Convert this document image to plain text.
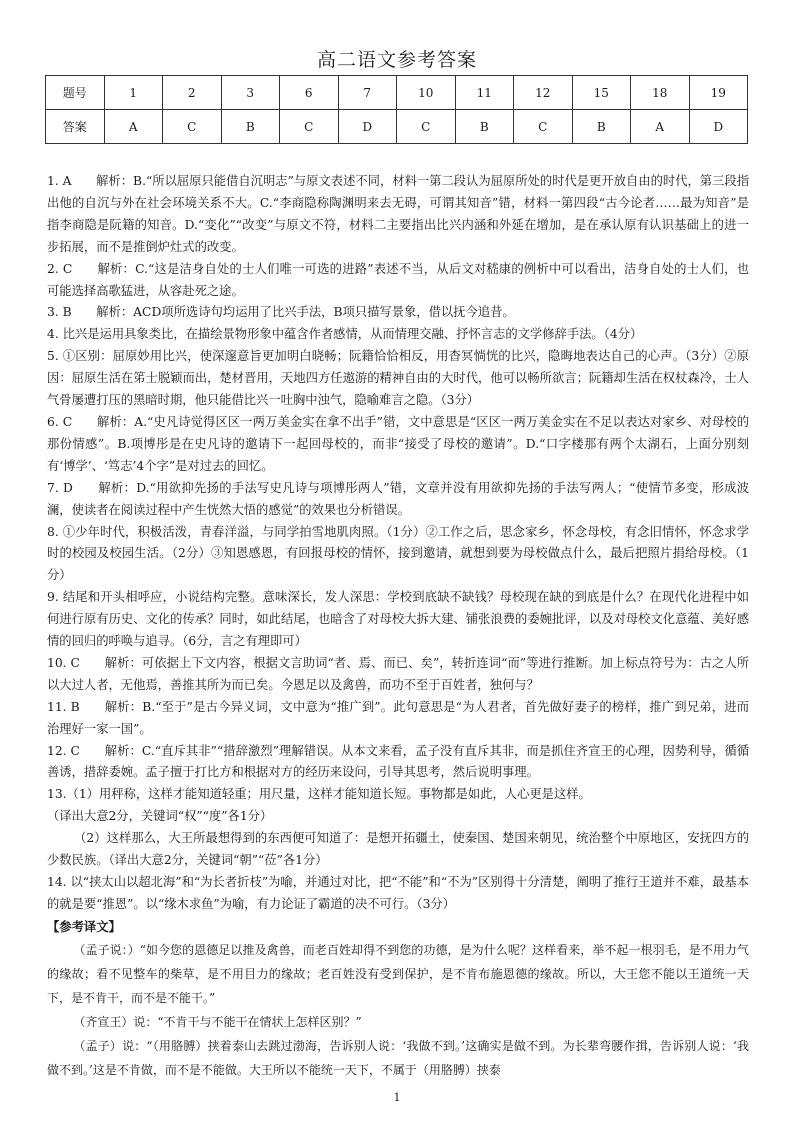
高二语文参考答案
题号	1	2	3	6	7	10	11	12	15	18	19
答案	A	C	B	C	D	C	B	C	B	A	D

1. A　　解析：B.“所以屈原只能借自沉明志”与原文表述不同，材料一第二段认为屈原所处的时代是更开放自由的时代，第三段指出他的自沉与外在社会环境关系不大。C.“李商隐称陶渊明来去无碍，可谓其知音”错，材料一第四段“古今论者……最为知音”是指李商隐是阮籍的知音。D.“变化”“改变”与原文不符，材料二主要指出比兴内涵和外延在增加，是在承认原有认识基础上的进一步拓展，而不是推倒炉灶式的改变。

2. C　　解析：C.“这是洁身自处的士人们唯一可选的进路”表述不当，从后文对嵇康的例析中可以看出，洁身自处的士人们，也可能选择高歌猛进，从容赴死之途。

3. B　　解析：ACD项所选诗句均运用了比兴手法，B项只描写景象，借以抚今追昔。

4. 比兴是运用具象类比，在描绘景物形象中蕴含作者感情，从而情理交融、抒怀言志的文学修辞手法。（4分）

5. ①区别：屈原妙用比兴，使深邃意旨更加明白晓畅；阮籍恰恰相反，用杳冥惝恍的比兴，隐晦地表达自己的心声。（3分）②原因：屈原生活在笫士脱颖而出，楚材晋用，天地四方任遨游的精神自由的大时代，他可以畅所欲言；阮籍却生活在权杖森冷，士人气骨屡遭打压的黑暗时期，他只能借比兴一吐胸中浊气，隐喻难言之隐。（3分）

6. C　　解析：A.“史凡诗觉得区区一两万美金实在拿不出手”错，文中意思是“区区一两万美金实在不足以表达对家乡、对母校的那份情感”。B.项博彤是在史凡诗的邀请下一起回母校的，而非“接受了母校的邀请”。D.“口字楼那有两个太湖石，上面分别刻有‘博学’、‘笃志’4个字”是对过去的回忆。

7. D　　解析：D.“用欲抑先扬的手法写史凡诗与项博彤两人”错，文章并没有用欲抑先扬的手法写两人；“使情节多变，形成波澜，使读者在阅读过程中产生恍然大悟的感觉”的效果也分析错误。

8. ①少年时代，积极活泼，青春洋溢，与同学拍雪地肌肉照。（1分）②工作之后，思念家乡，怀念母校，有念旧情怀，怀念求学时的校园及校园生活。（2分）③知恩感恩，有回报母校的情怀，接到邀请，就想到要为母校做点什么，最后把照片捐给母校。（1分）

9. 结尾和开头相呼应，小说结构完整。意味深长，发人深思：学校到底缺不缺钱？母校现在缺的到底是什么？在现代化进程中如何进行原有历史、文化的传承？同时，如此结尾，也暗含了对母校大拆大建、铺张浪费的委婉批评，以及对母校文化意蕴、美好感情的回归的呼唤与追寻。（6分，言之有理即可）

10. C　　解析：可依据上下文内容，根据文言助词“者、焉、而已、矣”，转折连词“而”等进行推断。加上标点符号为：古之人所以大过人者，无他焉，善推其所为而已矣。今恩足以及禽兽，而功不至于百姓者，独何与？

11. B　　解析：B.“至于”是古今异义词，文中意为“推广到”。此句意思是“为人君者，首先做好妻子的榜样，推广到兄弟，进而治理好一家一国”。

12. C　　解析：C.“直斥其非”“措辞激烈”理解错误。从本文来看，孟子没有直斥其非，而是抓住齐宣王的心理，因势利导，循循善诱，措辞委婉。孟子擅于打比方和根据对方的经历来设问，引导其思考，然后说明事理。

13.（1）用秤称，这样才能知道轻重；用尺量，这样才能知道长短。事物都是如此，人心更是这样。

（译出大意2分，关键词“权”“度”各1分）

（2）这样那么，大王所最想得到的东西便可知道了：是想开拓疆土，使秦国、楚国来朝见，统治整个中原地区，安抚四方的少数民族。（译出大意2分，关键词“朝”“莅”各1分）

14. 以“挟太山以超北海”和“为长者折枝”为喻，并通过对比，把“不能”和“不为”区别得十分清楚，阐明了推行王道并不难，最基本的就是要“推恩”。以“缘木求鱼”为喻，有力论证了霸道的决不可行。（3分）

【参考译文】

（孟子说：）“如今您的恩德足以推及禽兽，而老百姓却得不到您的功德，是为什么呢？这样看来，举不起一根羽毛，是不用力气的缘故；看不见整车的柴草，是不用目力的缘故；老百姓没有受到保护，是不肯布施恩德的缘故。所以，大王您不能以王道统一天下，是不肯干，而不是不能干。”

（齐宣王）说：“不肯干与不能干在情状上怎样区别？”

（孟子）说：“（用胳膊）挟着泰山去跳过渤海，告诉别人说：‘我做不到。’这确实是做不到。为长辈弯腰作揖，告诉别人说：‘我做不到。’这是不肯做，而不是不能做。大王所以不能统一天下，不属于（用胳膊）挟泰

1
